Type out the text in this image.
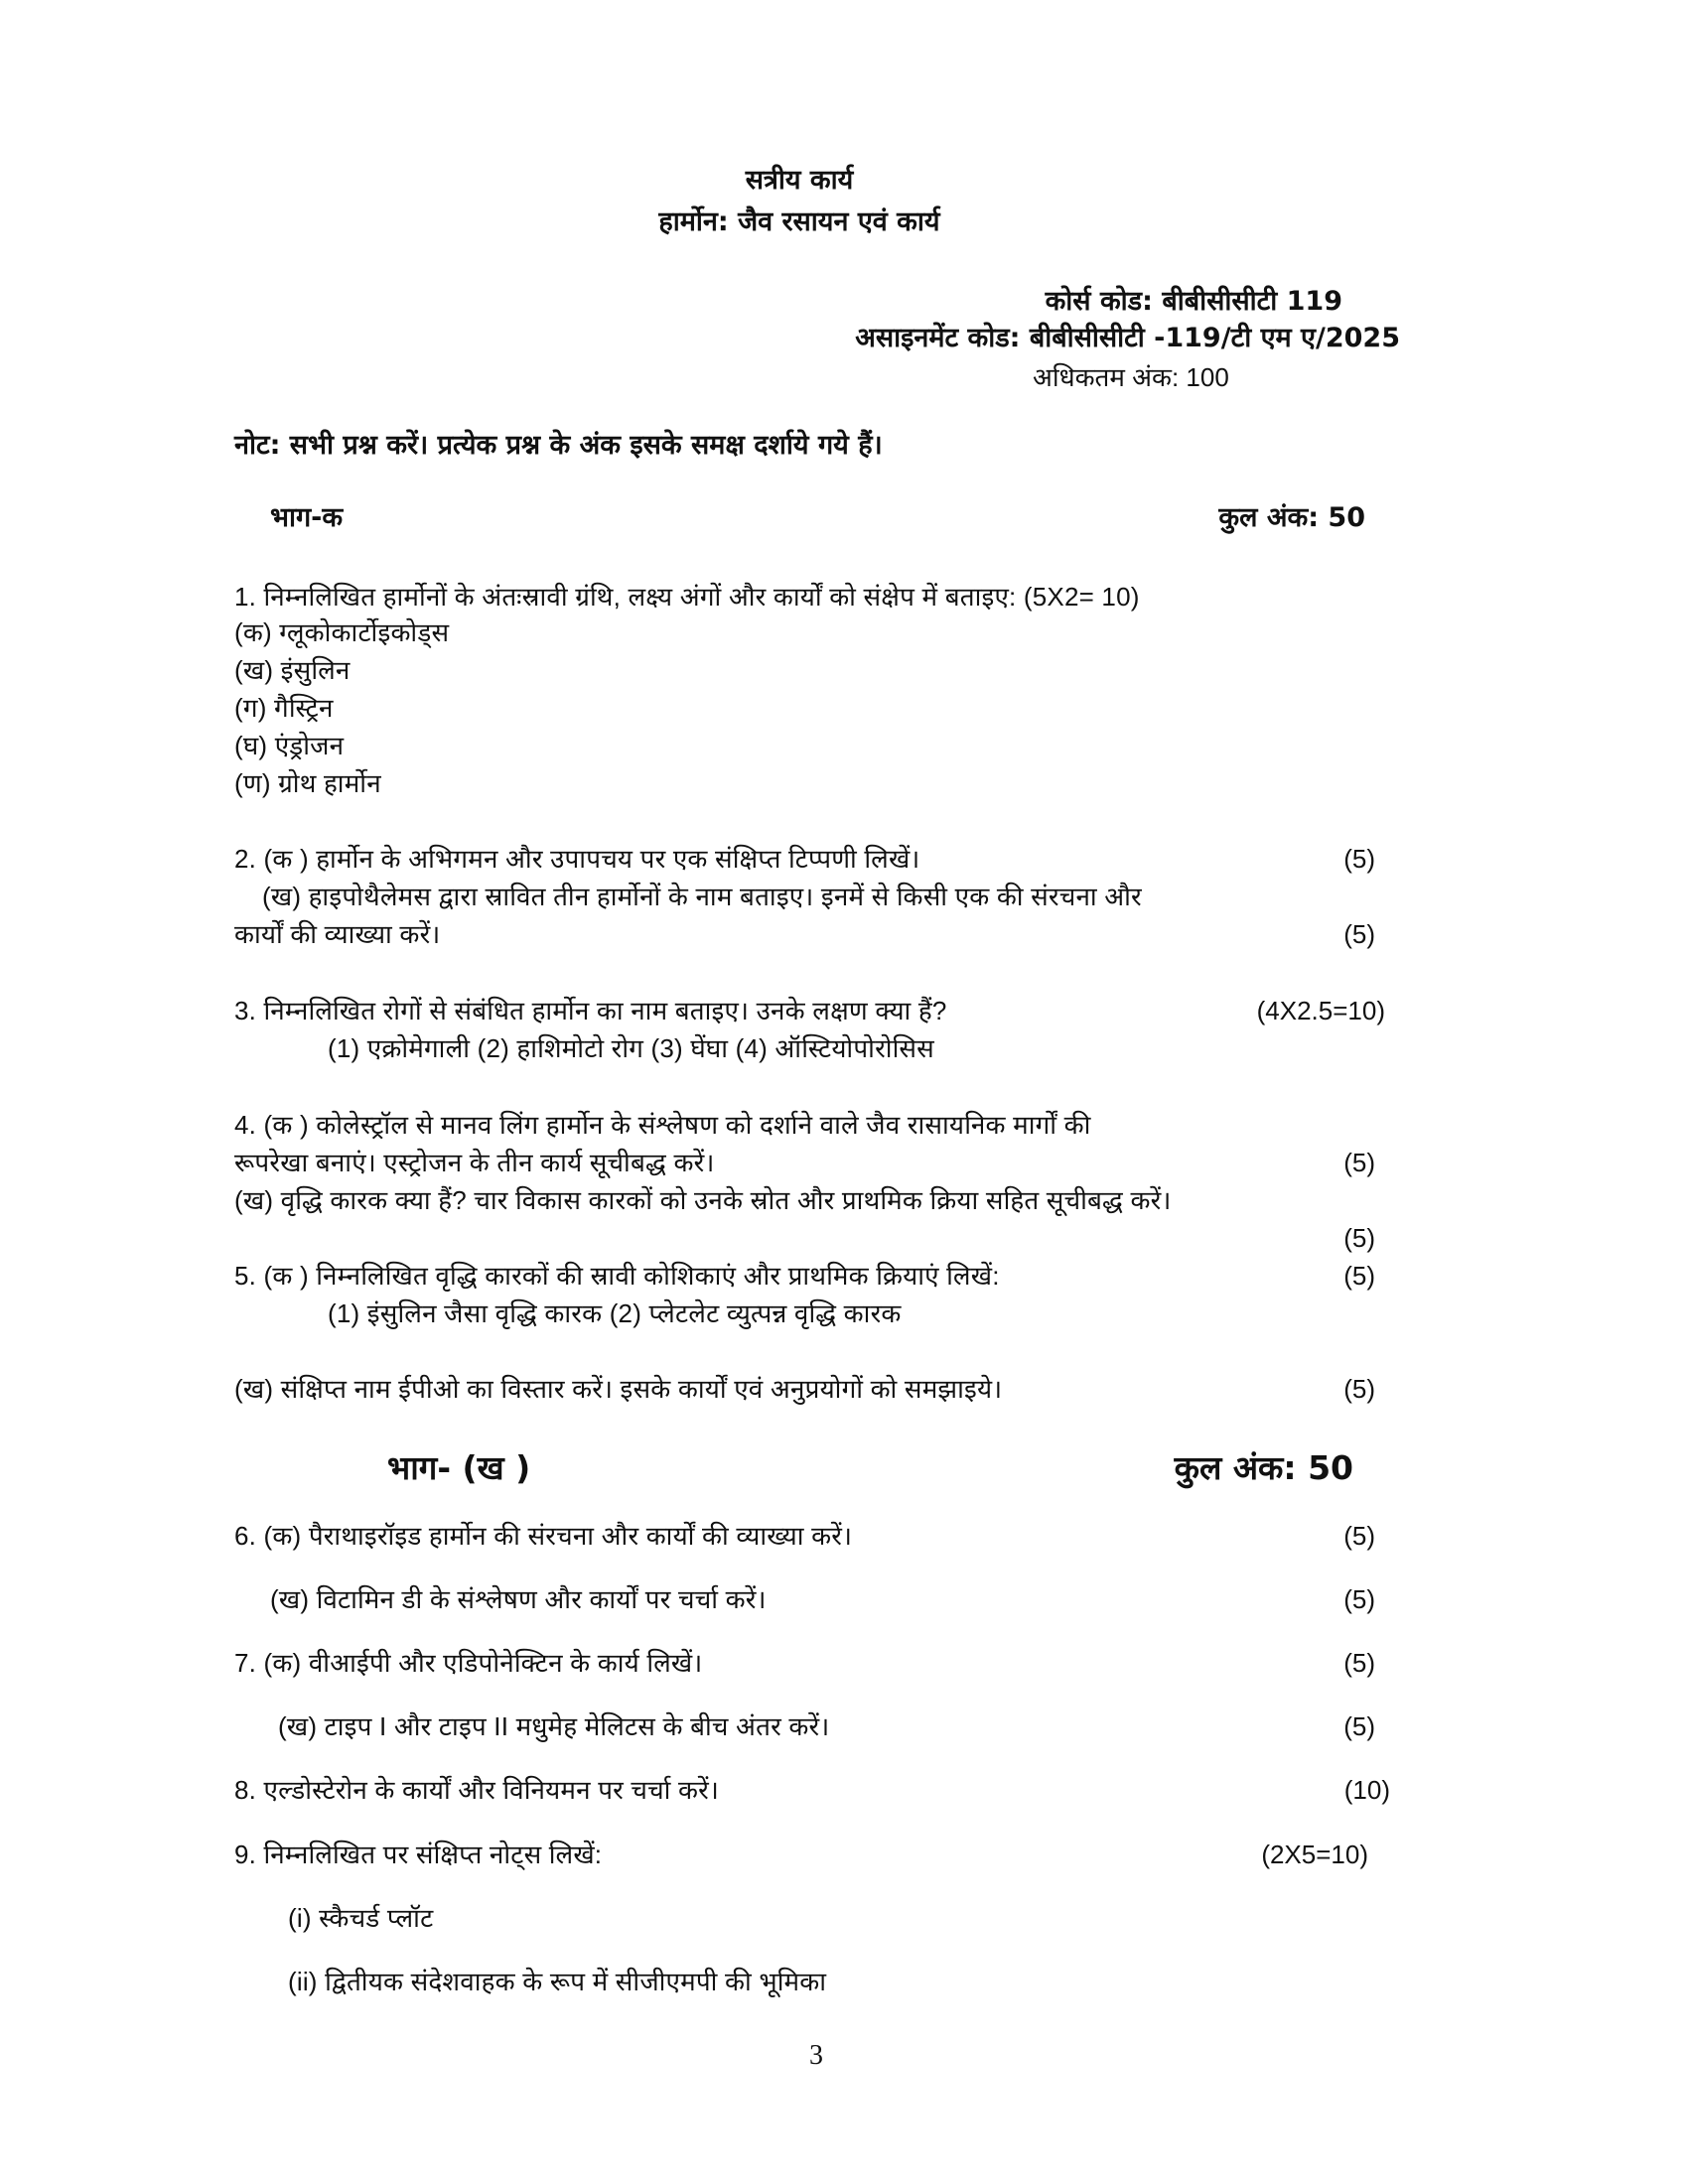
सत्रीय कार्य
हार्मोन: जैव रसायन एवं कार्य
कोर्स कोड: बीबीसीसीटी 119
असाइनमेंट कोड: बीबीसीसीटी -119/टी एम ए/2025
अधिकतम अंक: 100
नोट: सभी प्रश्न करें। प्रत्येक प्रश्न के अंक इसके समक्ष दर्शाये गये हैं।
भाग-क	कुल अंक: 50
1. निम्नलिखित हार्मोनों के अंतःस्रावी ग्रंथि, लक्ष्य अंगों और कार्यों को संक्षेप में बताइए: (5X2= 10)
(क) ग्लूकोकार्टोइकोड्स
(ख) इंसुलिन
(ग) गैस्ट्रिन
(घ) एंड्रोजन
(ण) ग्रोथ हार्मोन
2. (क ) हार्मोन के अभिगमन और उपापचय पर एक संक्षिप्त टिप्पणी लिखें।	(5)
(ख) हाइपोथैलेमस द्वारा स्रावित तीन हार्मोनों के नाम बताइए। इनमें से किसी एक की संरचना और
कार्यों की व्याख्या करें।	(5)
3. निम्नलिखित रोगों से संबंधित हार्मोन का नाम बताइए। उनके लक्षण क्या हैं?	(4X2.5=10)
(1) एक्रोमेगाली (2) हाशिमोटो रोग (3) घेंघा (4) ऑस्टियोपोरोसिस
4. (क ) कोलेस्ट्रॉल से मानव लिंग हार्मोन के संश्लेषण को दर्शाने वाले जैव रासायनिक मार्गों की
रूपरेखा बनाएं। एस्ट्रोजन के तीन कार्य सूचीबद्ध करें।	(5)
(ख) वृद्धि कारक क्या हैं? चार विकास कारकों को उनके स्रोत और प्राथमिक क्रिया सहित सूचीबद्ध करें।
(5)
5. (क ) निम्नलिखित वृद्धि कारकों की स्रावी कोशिकाएं और प्राथमिक क्रियाएं लिखें:	(5)
(1) इंसुलिन जैसा वृद्धि कारक (2) प्लेटलेट व्युत्पन्न वृद्धि कारक
(ख) संक्षिप्त नाम ईपीओ का विस्तार करें। इसके कार्यों एवं अनुप्रयोगों को समझाइये।	(5)
भाग- (ख )	कुल अंक: 50
6. (क) पैराथाइरॉइड हार्मोन की संरचना और कार्यों की व्याख्या करें।	(5)
(ख) विटामिन डी के संश्लेषण और कार्यों पर चर्चा करें।	(5)
7. (क) वीआईपी और एडिपोनेक्टिन के कार्य लिखें।	(5)
(ख) टाइप I और टाइप II मधुमेह मेलिटस के बीच अंतर करें।	(5)
8. एल्डोस्टेरोन के कार्यों और विनियमन पर चर्चा करें।	(10)
9. निम्नलिखित पर संक्षिप्त नोट्स लिखें:	(2X5=10)
(i) स्कैचर्ड प्लॉट
(ii) द्वितीयक संदेशवाहक के रूप में सीजीएमपी की भूमिका
3
